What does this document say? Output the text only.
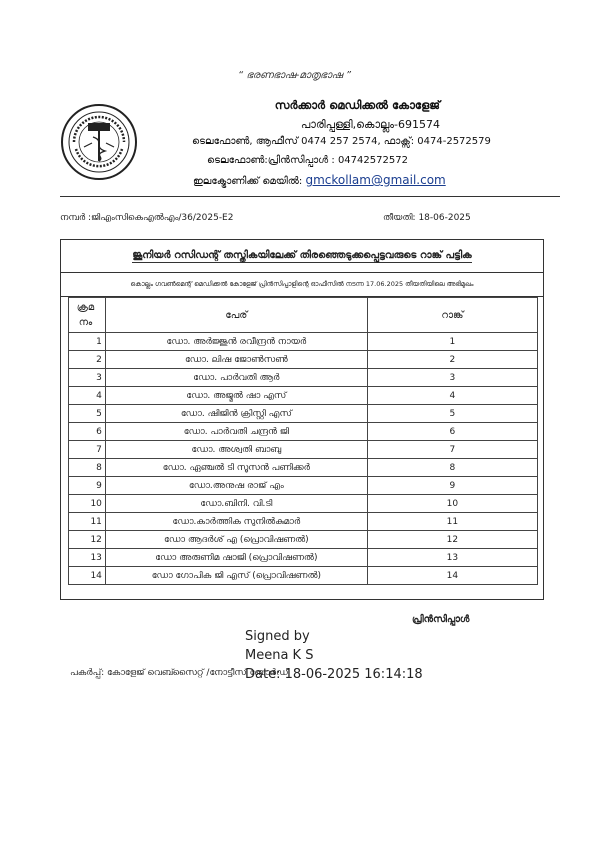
“ ഭരണഭാഷ-മാതൃഭാഷ ”
സർക്കാർ മെഡിക്കൽ കോളേജ്
പാരിപ്പള്ളി,കൊല്ലം-691574
ടെലഫോൺ, ആഫീസ് 0474 257 2574, ഫാക്സ്: 0474-2572579
ടെലഫോൺ:പ്രിൻസിപ്പാൾ : 04742572572
ഇലക്ട്രോണിക്ക് മെയിൽ: gmckollam@gmail.com
നമ്പർ :ജിഎംസികെഎൽഎം/36/2025-E2	തീയതി: 18-06-2025
ജൂനിയർ റസിഡന്റ് തസ്തികയിലേക്ക് തിരഞ്ഞെടുക്കപ്പെട്ടവരുടെ റാങ്ക് പട്ടിക
കൊല്ലം ഗവൺമെന്റ് മെഡിക്കൽ കോളേജ് പ്രിൻസിപ്പാളിന്റെ ഓഫീസിൽ നടന്ന 17.06.2025 തീയതിയിലെ അഭിമുഖം
ക്രമ
നം	പേര്	റാങ്ക്
1	ഡോ. അർജ്ജുൻ രവീന്ദ്രൻ നായർ	1
2	ഡോ. ലിഷ ജോൺസൺ	2
3	ഡോ. പാർവതി ആർ	3
4	ഡോ. അജ്മൽ ഷാ എസ്	4
5	ഡോ. ഷിജിൻ ക്രിസ്റ്റി എസ്	5
6	ഡോ. പാർവതി ചന്ദ്രൻ ജി	6
7	ഡോ. അശ്വതി ബാബു	7
8	ഡോ. ഏഞ്ചൽ ടി സൂസൻ പണിക്കർ	8
9	ഡോ.അനുഷ രാജ് എം	9
10	ഡോ.ബിനി. വി.ടി	10
11	ഡോ.കാർത്തിക സുനിൽകുമാർ	11
12	ഡോ ആദർശ് എ (പ്രൊവിഷണൽ)	12
13	ഡോ അരുണിമ ഷാജി (പ്രൊവിഷണൽ)	13
14	ഡോ ഗോപിക ജി എസ് (പ്രൊവിഷണൽ)	14
പ്രിൻസിപ്പാൾ
Signed by
Meena K S
Date: 18-06-2025 16:14:18
പകർപ്പ്: കോളേജ് വെബ്സൈറ്റ് /നോട്ടീസ് ബോർഡ്
